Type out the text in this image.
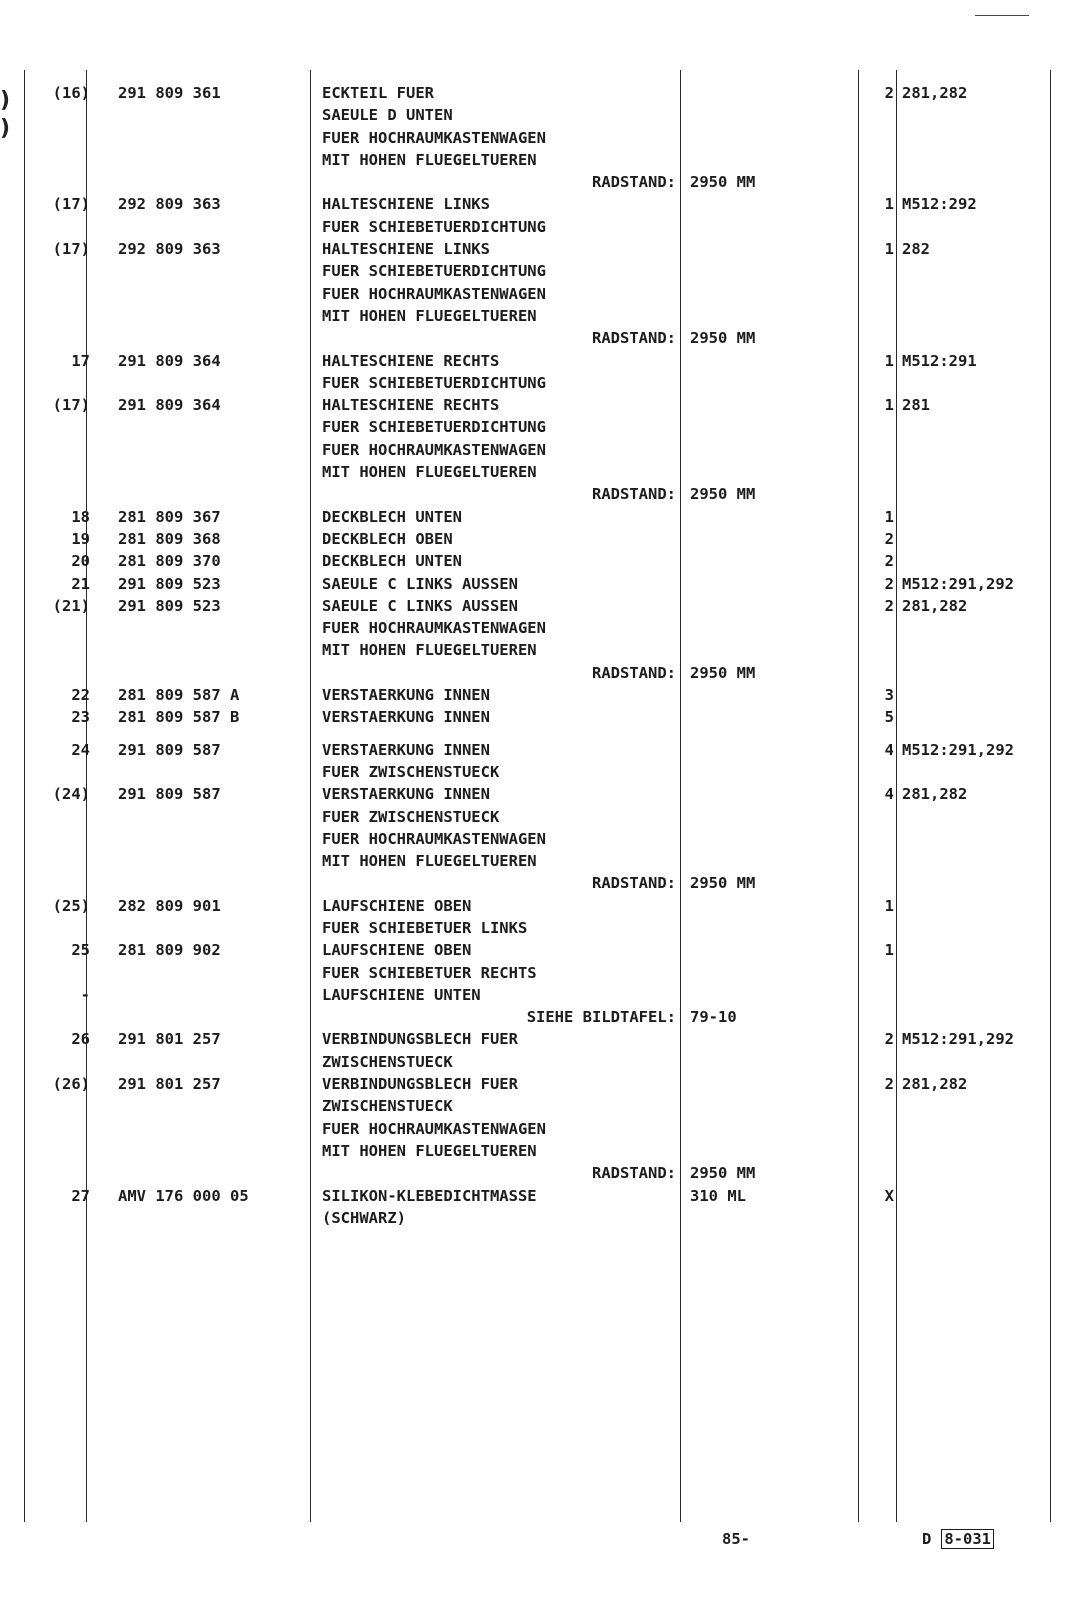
)
)
(16) 291 809 361	ECKTEIL FUER	2 281,282
SAEULE D UNTEN
FUER HOCHRAUMKASTENWAGEN
MIT HOHEN FLUEGELTUEREN
RADSTAND: 2950 MM
(17) 292 809 363	HALTESCHIENE LINKS	1 M512:292
FUER SCHIEBETUERDICHTUNG
(17) 292 809 363	HALTESCHIENE LINKS	1 282
FUER SCHIEBETUERDICHTUNG
FUER HOCHRAUMKASTENWAGEN
MIT HOHEN FLUEGELTUEREN
RADSTAND: 2950 MM
17 291 809 364	HALTESCHIENE RECHTS	1 M512:291
FUER SCHIEBETUERDICHTUNG
(17) 291 809 364	HALTESCHIENE RECHTS	1 281
FUER SCHIEBETUERDICHTUNG
FUER HOCHRAUMKASTENWAGEN
MIT HOHEN FLUEGELTUEREN
RADSTAND: 2950 MM
18 281 809 367	DECKBLECH UNTEN	1
19 281 809 368	DECKBLECH OBEN	2
20 281 809 370	DECKBLECH UNTEN	2
21 291 809 523	SAEULE C LINKS AUSSEN	2 M512:291,292
(21) 291 809 523	SAEULE C LINKS AUSSEN	2 281,282
FUER HOCHRAUMKASTENWAGEN
MIT HOHEN FLUEGELTUEREN
RADSTAND: 2950 MM
22 281 809 587 A	VERSTAERKUNG INNEN	3
23 281 809 587 B	VERSTAERKUNG INNEN	5
24 291 809 587	VERSTAERKUNG INNEN	4 M512:291,292
FUER ZWISCHENSTUECK
(24) 291 809 587	VERSTAERKUNG INNEN	4 281,282
FUER ZWISCHENSTUECK
FUER HOCHRAUMKASTENWAGEN
MIT HOHEN FLUEGELTUEREN
RADSTAND: 2950 MM
(25) 282 809 901	LAUFSCHIENE OBEN	1
FUER SCHIEBETUER LINKS
25 281 809 902	LAUFSCHIENE OBEN	1
FUER SCHIEBETUER RECHTS
-	LAUFSCHIENE UNTEN
SIEHE BILDTAFEL: 79-10
26 291 801 257	VERBINDUNGSBLECH FUER	2 M512:291,292
ZWISCHENSTUECK
(26) 291 801 257	VERBINDUNGSBLECH FUER	2 281,282
ZWISCHENSTUECK
FUER HOCHRAUMKASTENWAGEN
MIT HOHEN FLUEGELTUEREN
RADSTAND: 2950 MM
27 AMV 176 000 05	SILIKON-KLEBEDICHTMASSE	310 ML	X
(SCHWARZ)
85-	D 8-031
